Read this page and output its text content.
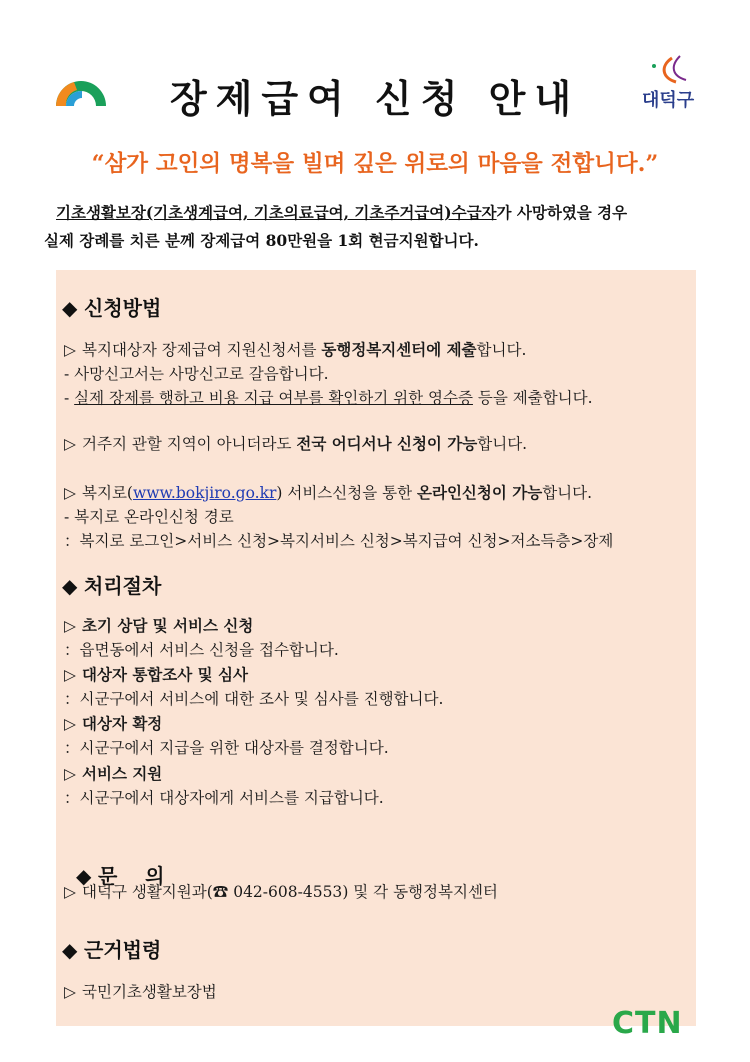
장제급여 신청 안내	대덕구
“삼가 고인의 명복을 빌며 깊은 위로의 마음을 전합니다.”

기초생활보장(기초생계급여, 기초의료급여, 기초주거급여)수급자가 사망하였을 경우

실제 장례를 치른 분께 장제급여 80만원을 1회 현금지원합니다.

◆ 신청방법
▷ 복지대상자 장제급여 지원신청서를 동행정복지센터에 제출합니다.
- 사망신고서는 사망신고로 갈음합니다.
- 실제 장제를 행하고 비용 지급 여부를 확인하기 위한 영수증 등을 제출합니다.
▷ 거주지 관할 지역이 아니더라도 전국 어디서나 신청이 가능합니다.
▷ 복지로(www.bokjiro.go.kr) 서비스신청을 통한 온라인신청이 가능합니다.
- 복지로 온라인신청 경로
：복지로 로그인>서비스 신청>복지서비스 신청>복지급여 신청>저소득층>장제
◆ 처리절차
▷ 초기 상담 및 서비스 신청
：읍면동에서 서비스 신청을 접수합니다.
▷ 대상자 통합조사 및 심사
：시군구에서 서비스에 대한 조사 및 심사를 진행합니다.
▷ 대상자 확정
：시군구에서 지급을 위한 대상자를 결정합니다.
▷ 서비스 지원
：시군구에서 대상자에게 서비스를 지급합니다.

◆ 문    의

▷ 대덕구 생활지원과(☎ 042-608-4553) 및 각 동행정복지센터
◆ 근거법령
▷ 국민기초생활보장법
CTN
